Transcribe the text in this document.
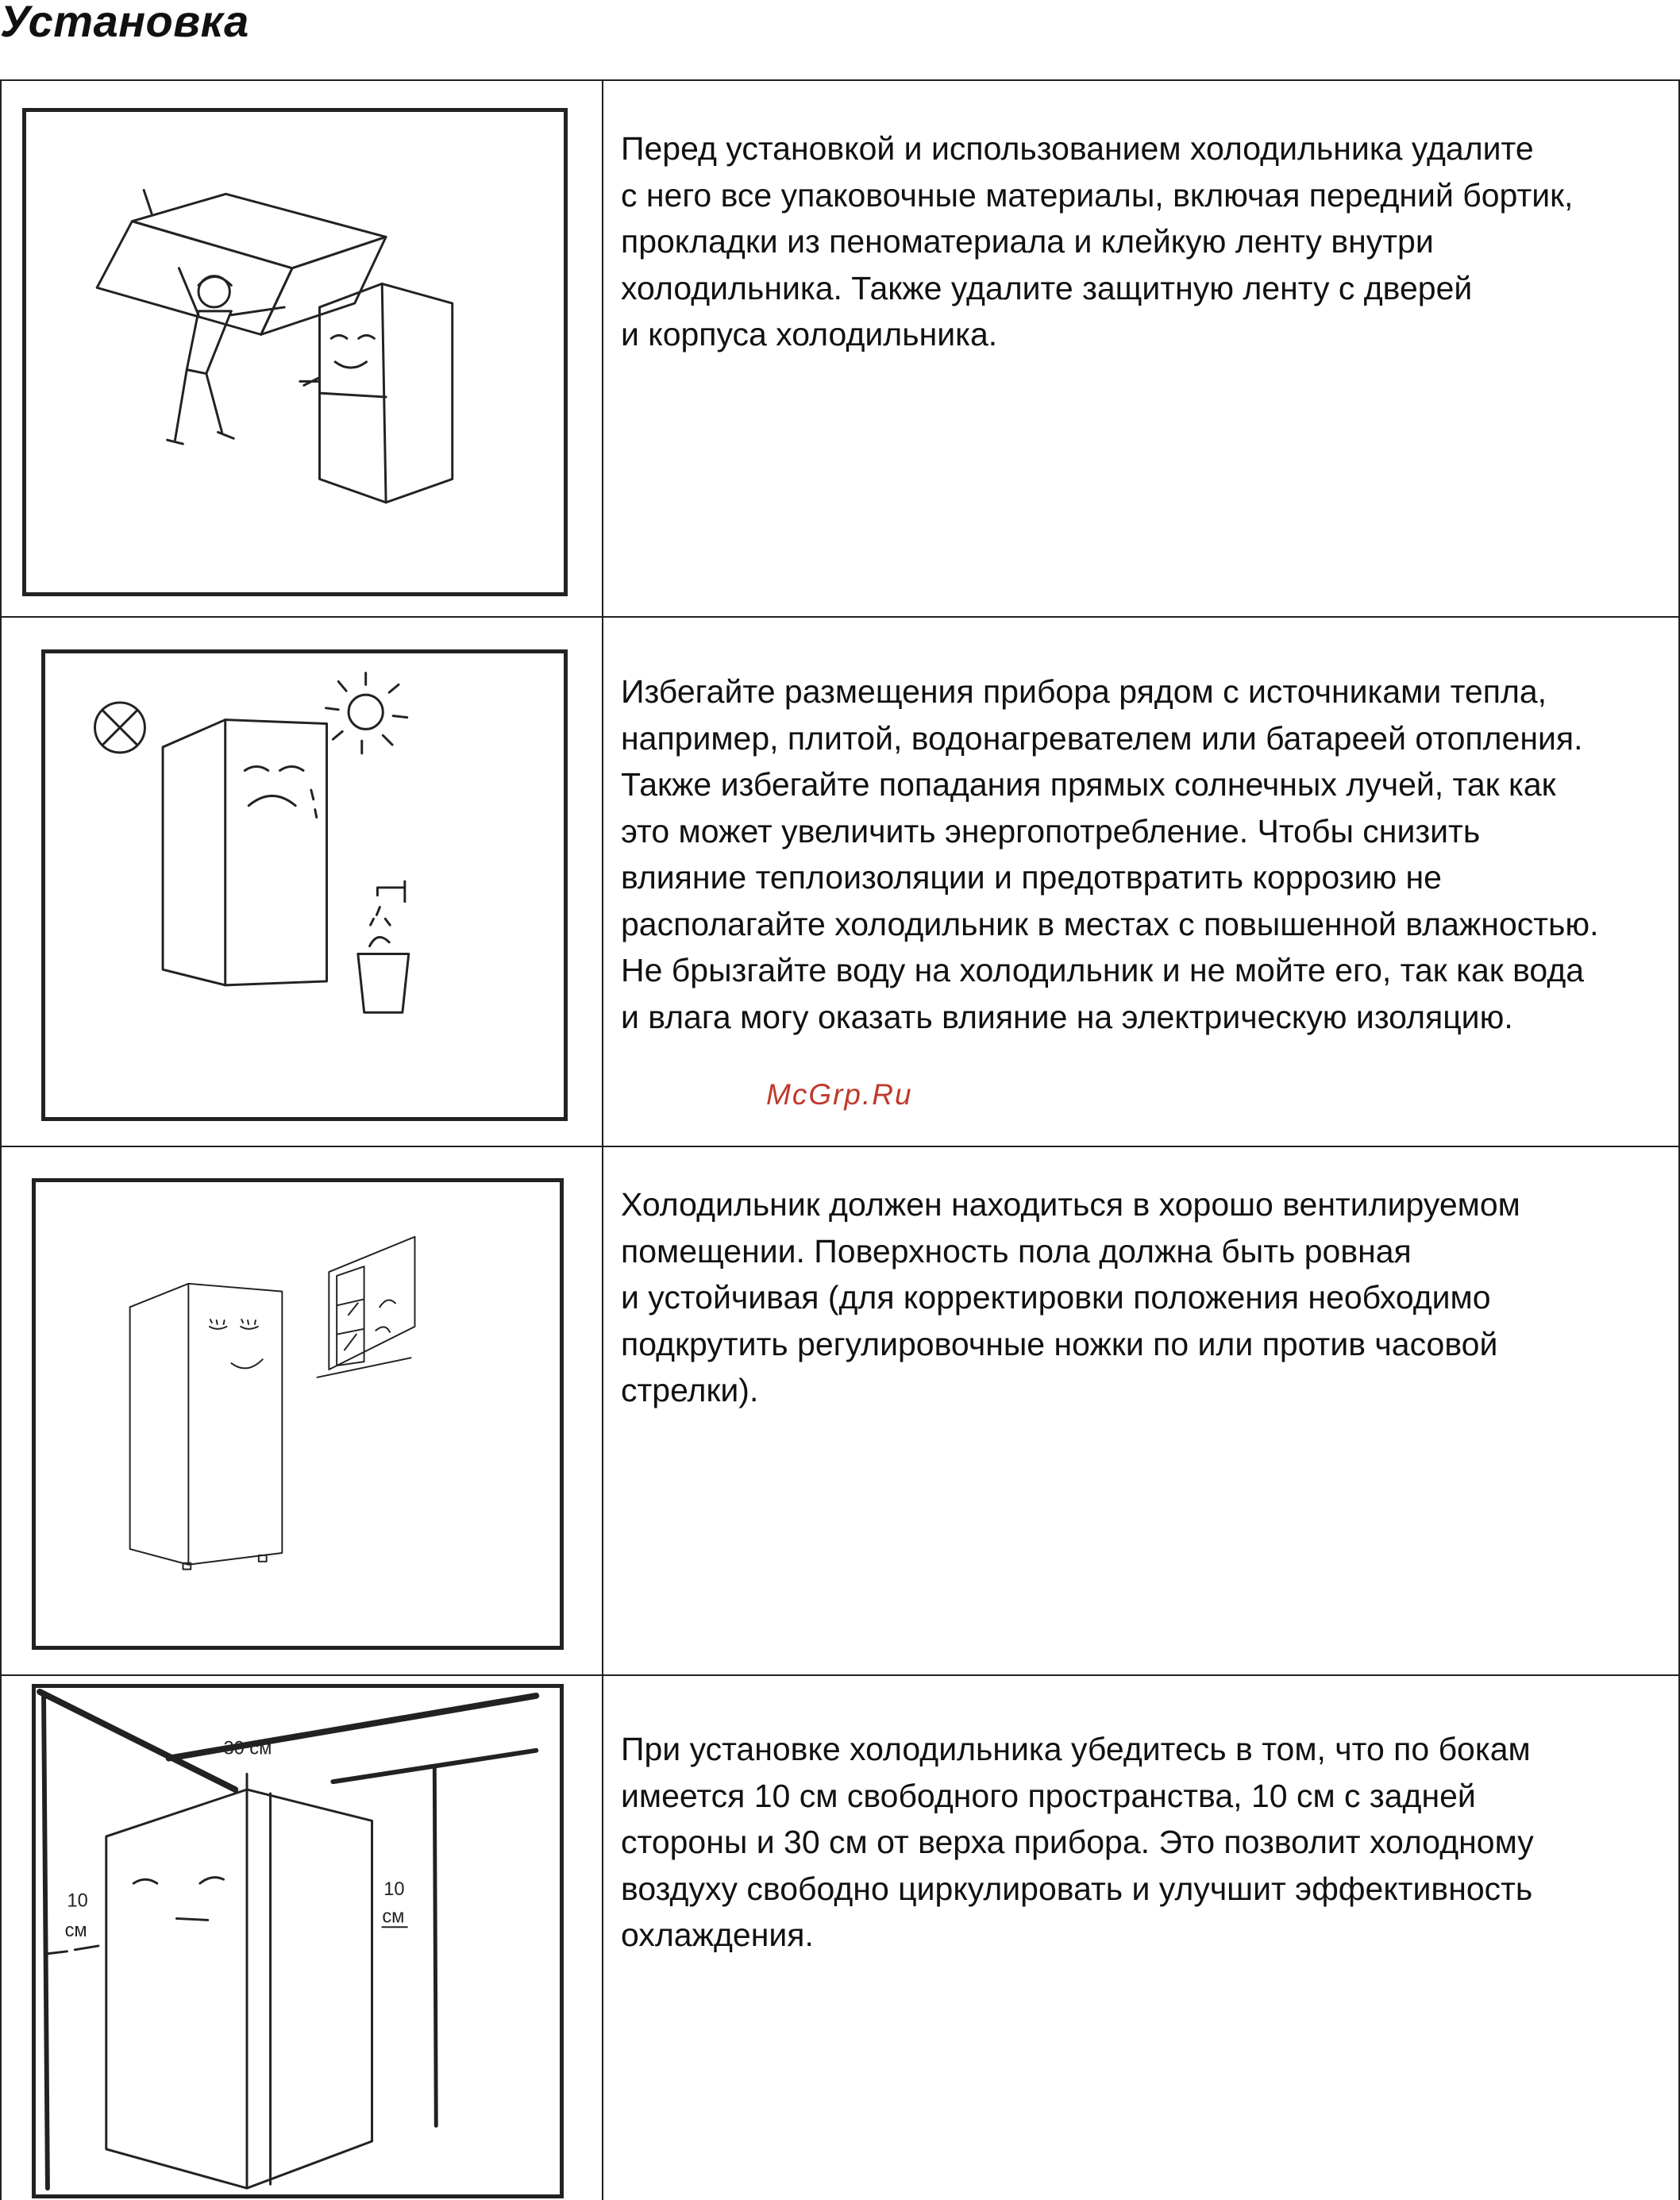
Установка
Перед установкой и использованием холодильника удалите
с него все упаковочные материалы, включая передний бортик,
прокладки из пеноматериала и клейкую ленту внутри
холодильника. Также удалите защитную ленту с дверей
и корпуса холодильника.
Избегайте размещения прибора рядом с источниками тепла,
например, плитой, водонагревателем или батареей отопления.
Также избегайте попадания прямых солнечных лучей, так как
это может увеличить энергопотребление. Чтобы снизить
влияние теплоизоляции и предотвратить коррозию не
располагайте холодильник в местах с повышенной влажностью.
Не брызгайте воду на холодильник и не мойте его, так как вода
и влага могу оказать влияние на электрическую изоляцию.
McGrp.Ru
Холодильник должен находиться в хорошо вентилируемом
помещении. Поверхность пола должна быть ровная
и устойчивая (для корректировки положения необходимо
подкрутить регулировочные ножки по или против часовой
стрелки).
30 см
10
см
10
см
При установке холодильника убедитесь в том, что по бокам
имеется 10 см свободного пространства, 10 см с задней
стороны и 30 см от верха прибора. Это позволит холодному
воздуху свободно циркулировать и улучшит эффективность
охлаждения.
